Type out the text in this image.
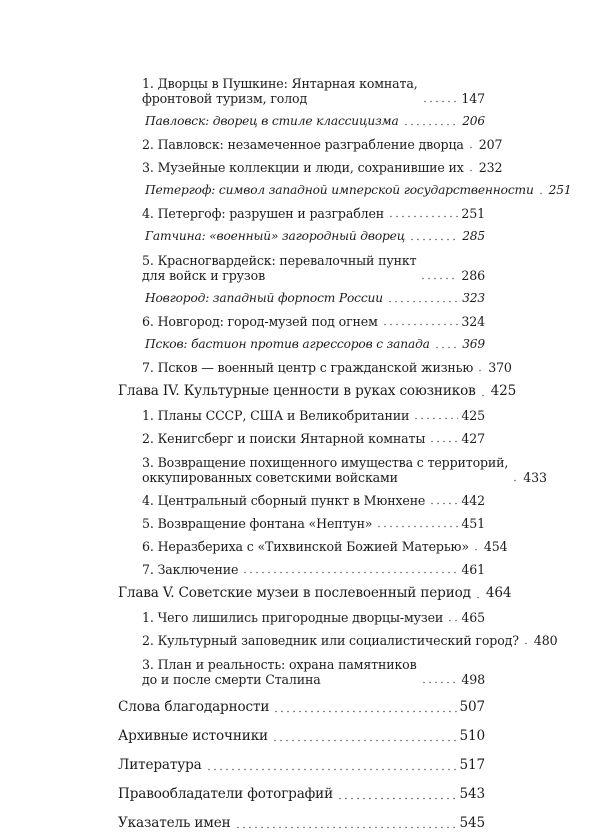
1. Дворцы в Пушкине: Янтарная комната,
фронтовой туризм, голод	147
Павловск: дворец в стиле классицизма	206
2. Павловск: незамеченное разграбление дворца 207
3. Музейные коллекции и люди, сохранившие их 232
Петергоф: символ западной имперской государственности 251
4. Петергоф: разрушен и разграблен	251
Гатчина: «военный» загородный дворец	285
5. Красногвардейск: перевалочный пункт
для войск и грузов	286
Новгород: западный форпост России	323
6. Новгород: город-музей под огнем	324
Псков: бастион против агрессоров с запада	369
7. Псков — военный центр с гражданской жизнью 370
Глава IV. Культурные ценности в руках союзников 425
1. Планы СССР, США и Великобритании	425
2. Кенигсберг и поиски Янтарной комнаты	427
3. Возвращение похищенного имущества с территорий,
оккупированных советскими войсками	433
4. Центральный сборный пункт в Мюнхене	442
5. Возвращение фонтана «Нептун»	451
6. Неразбериха с «Тихвинской Божией Матерью» 454
7. Заключение	461
Глава V. Советские музеи в послевоенный период 464
1. Чего лишились пригородные дворцы-музеи 465
2. Культурный заповедник или социалистический город? 480
3. План и реальность: охрана памятников
до и после смерти Сталина	498
Слова благодарности	507
Архивные источники	510
Литература	517
Правообладатели фотографий	543
Указатель имен	545
